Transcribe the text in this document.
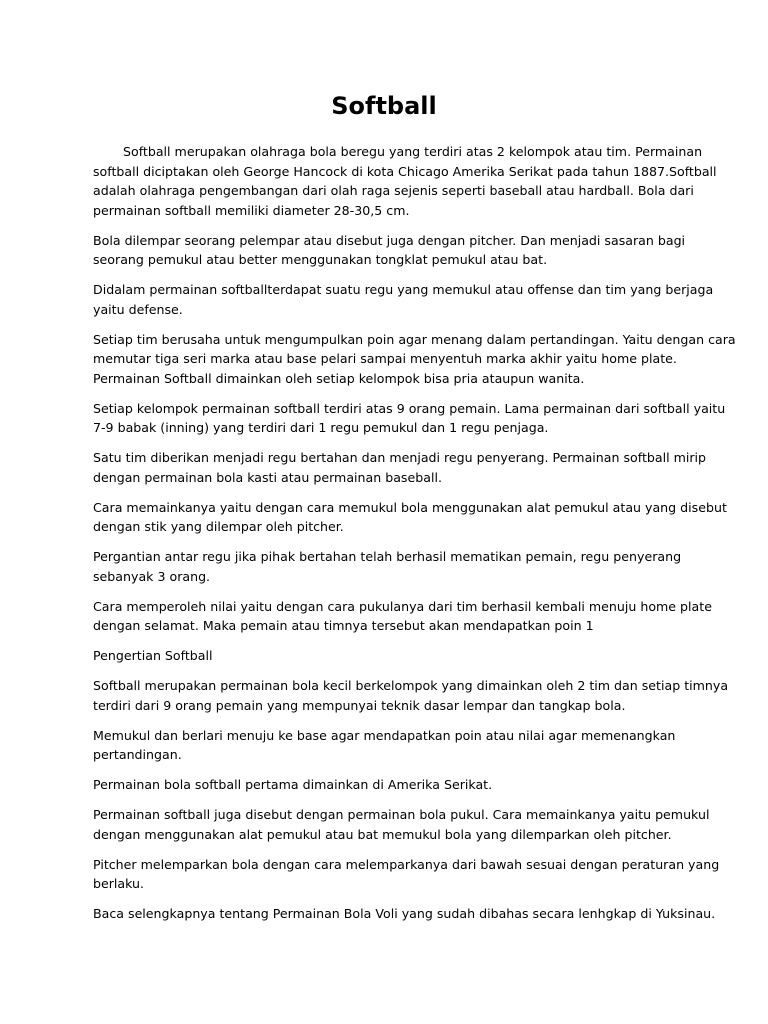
Softball

Softball merupakan olahraga bola beregu yang terdiri atas 2 kelompok atau tim. Permainan

softball diciptakan oleh George Hancock di kota Chicago Amerika Serikat pada tahun 1887.Softball
adalah olahraga pengembangan dari olah raga sejenis seperti baseball atau hardball. Bola dari
permainan softball memiliki diameter 28-30,5 cm.

Bola dilempar seorang pelempar atau disebut juga dengan pitcher. Dan menjadi sasaran bagi
seorang pemukul atau better menggunakan tongklat pemukul atau bat.

Didalam permainan softballterdapat suatu regu yang memukul atau offense dan tim yang berjaga
yaitu defense.

Setiap tim berusaha untuk mengumpulkan poin agar menang dalam pertandingan. Yaitu dengan cara
memutar tiga seri marka atau base pelari sampai menyentuh marka akhir yaitu home plate.
Permainan Softball dimainkan oleh setiap kelompok bisa pria ataupun wanita.

Setiap kelompok permainan softball terdiri atas 9 orang pemain. Lama permainan dari softball yaitu
7-9 babak (inning) yang terdiri dari 1 regu pemukul dan 1 regu penjaga.

Satu tim diberikan menjadi regu bertahan dan menjadi regu penyerang. Permainan softball mirip
dengan permainan bola kasti atau permainan baseball.

Cara memainkanya yaitu dengan cara memukul bola menggunakan alat pemukul atau yang disebut
dengan stik yang dilempar oleh pitcher.

Pergantian antar regu jika pihak bertahan telah berhasil mematikan pemain, regu penyerang
sebanyak 3 orang.

Cara memperoleh nilai yaitu dengan cara pukulanya dari tim berhasil kembali menuju home plate
dengan selamat. Maka pemain atau timnya tersebut akan mendapatkan poin 1

Pengertian Softball

Softball merupakan permainan bola kecil berkelompok yang dimainkan oleh 2 tim dan setiap timnya
terdiri dari 9 orang pemain yang mempunyai teknik dasar lempar dan tangkap bola.

Memukul dan berlari menuju ke base agar mendapatkan poin atau nilai agar memenangkan
pertandingan.

Permainan bola softball pertama dimainkan di Amerika Serikat.

Permainan softball juga disebut dengan permainan bola pukul. Cara memainkanya yaitu pemukul
dengan menggunakan alat pemukul atau bat memukul bola yang dilemparkan oleh pitcher.

Pitcher melemparkan bola dengan cara melemparkanya dari bawah sesuai dengan peraturan yang
berlaku.

Baca selengkapnya tentang Permainan Bola Voli yang sudah dibahas secara lenhgkap di Yuksinau.
